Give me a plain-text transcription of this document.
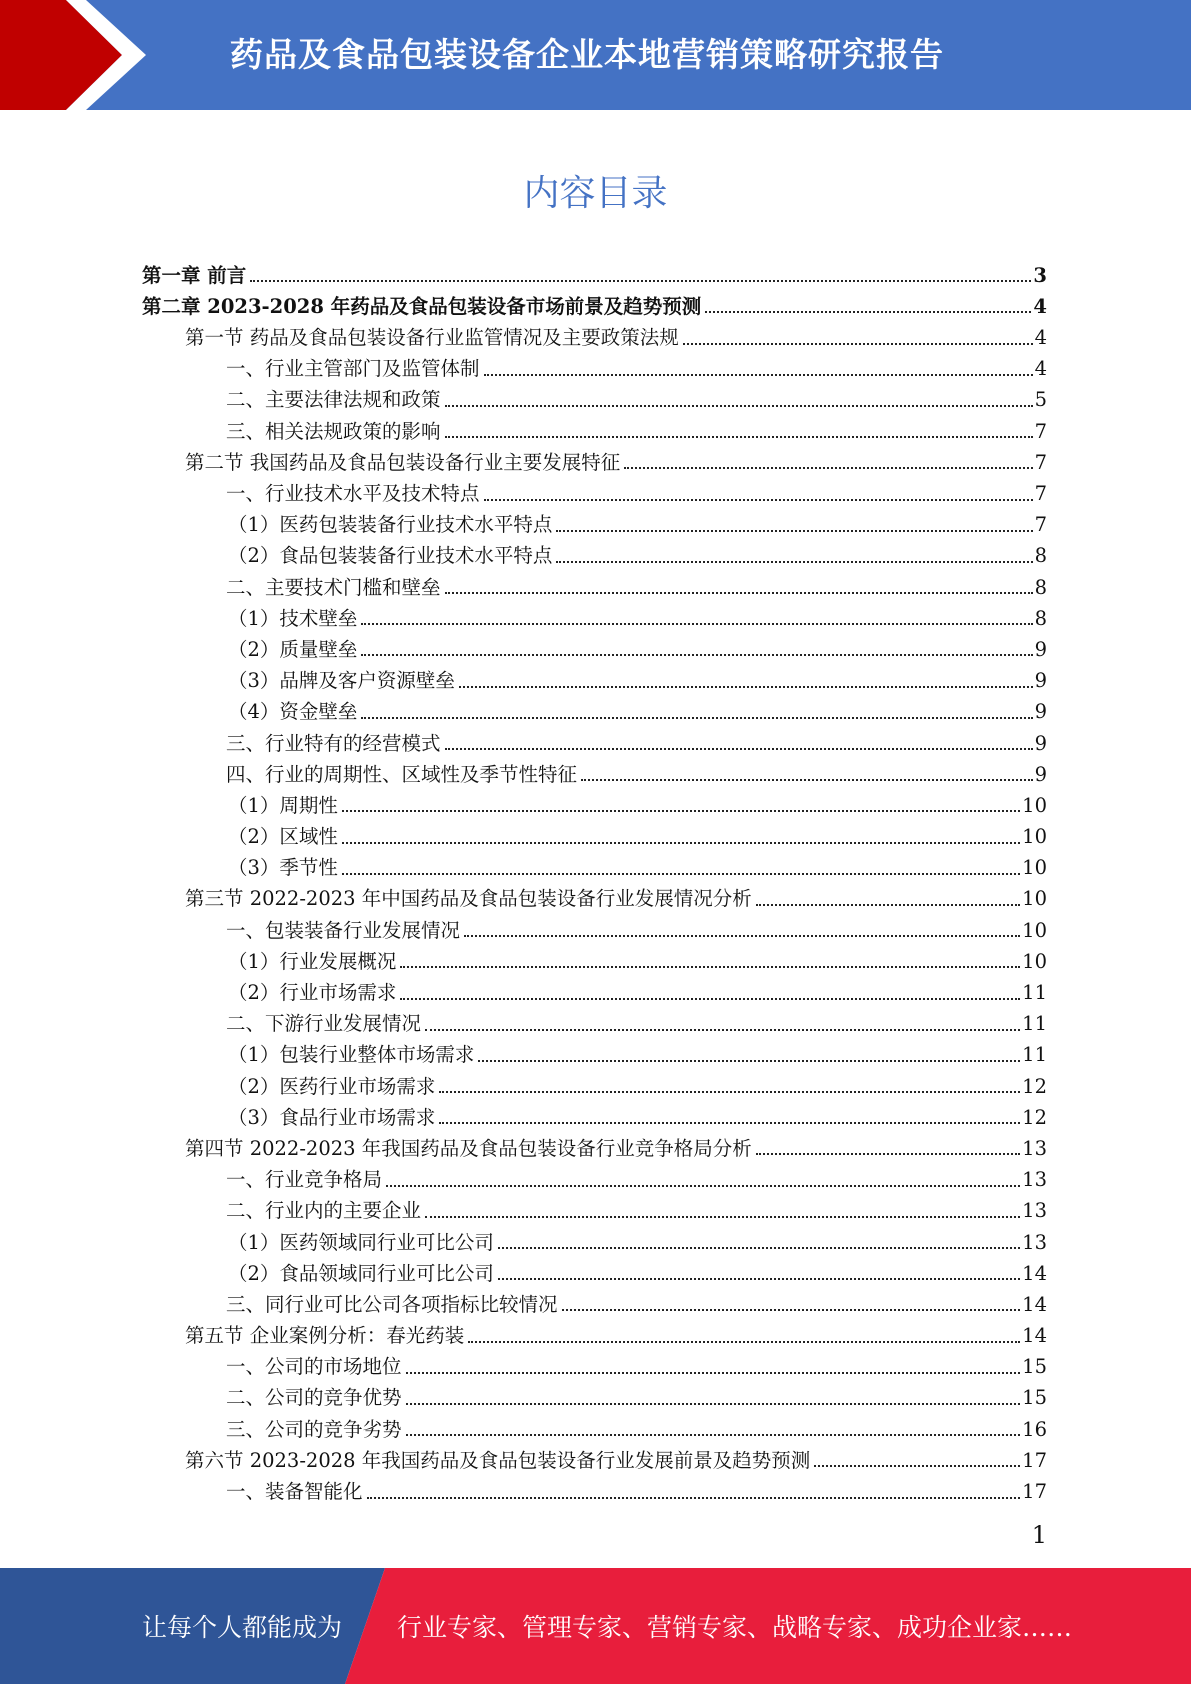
药品及食品包装设备企业本地营销策略研究报告
内容目录
第一章 前言	3
第二章 2023-2028 年药品及食品包装设备市场前景及趋势预测	4
第一节 药品及食品包装设备行业监管情况及主要政策法规	4
一、行业主管部门及监管体制	4
二、主要法律法规和政策	5
三、相关法规政策的影响	7
第二节 我国药品及食品包装设备行业主要发展特征	7
一、行业技术水平及技术特点	7
（1）医药包装装备行业技术水平特点	7
（2）食品包装装备行业技术水平特点	8
二、主要技术门槛和壁垒	8
（1）技术壁垒	8
（2）质量壁垒	9
（3）品牌及客户资源壁垒	9
（4）资金壁垒	9
三、行业特有的经营模式	9
四、行业的周期性、区域性及季节性特征	9
（1）周期性	10
（2）区域性	10
（3）季节性	10
第三节 2022-2023 年中国药品及食品包装设备行业发展情况分析	10
一、包装装备行业发展情况	10
（1）行业发展概况	10
（2）行业市场需求	11
二、下游行业发展情况	11
（1）包装行业整体市场需求	11
（2）医药行业市场需求	12
（3）食品行业市场需求	12
第四节 2022-2023 年我国药品及食品包装设备行业竞争格局分析	13
一、行业竞争格局	13
二、行业内的主要企业	13
（1）医药领域同行业可比公司	13
（2）食品领域同行业可比公司	14
三、同行业可比公司各项指标比较情况	14
第五节 企业案例分析：春光药装	14
一、公司的市场地位	15
二、公司的竞争优势	15
三、公司的竞争劣势	16
第六节 2023-2028 年我国药品及食品包装设备行业发展前景及趋势预测	17
一、装备智能化	17
1
让每个人都能成为 行业专家、管理专家、营销专家、战略专家、成功企业家……
